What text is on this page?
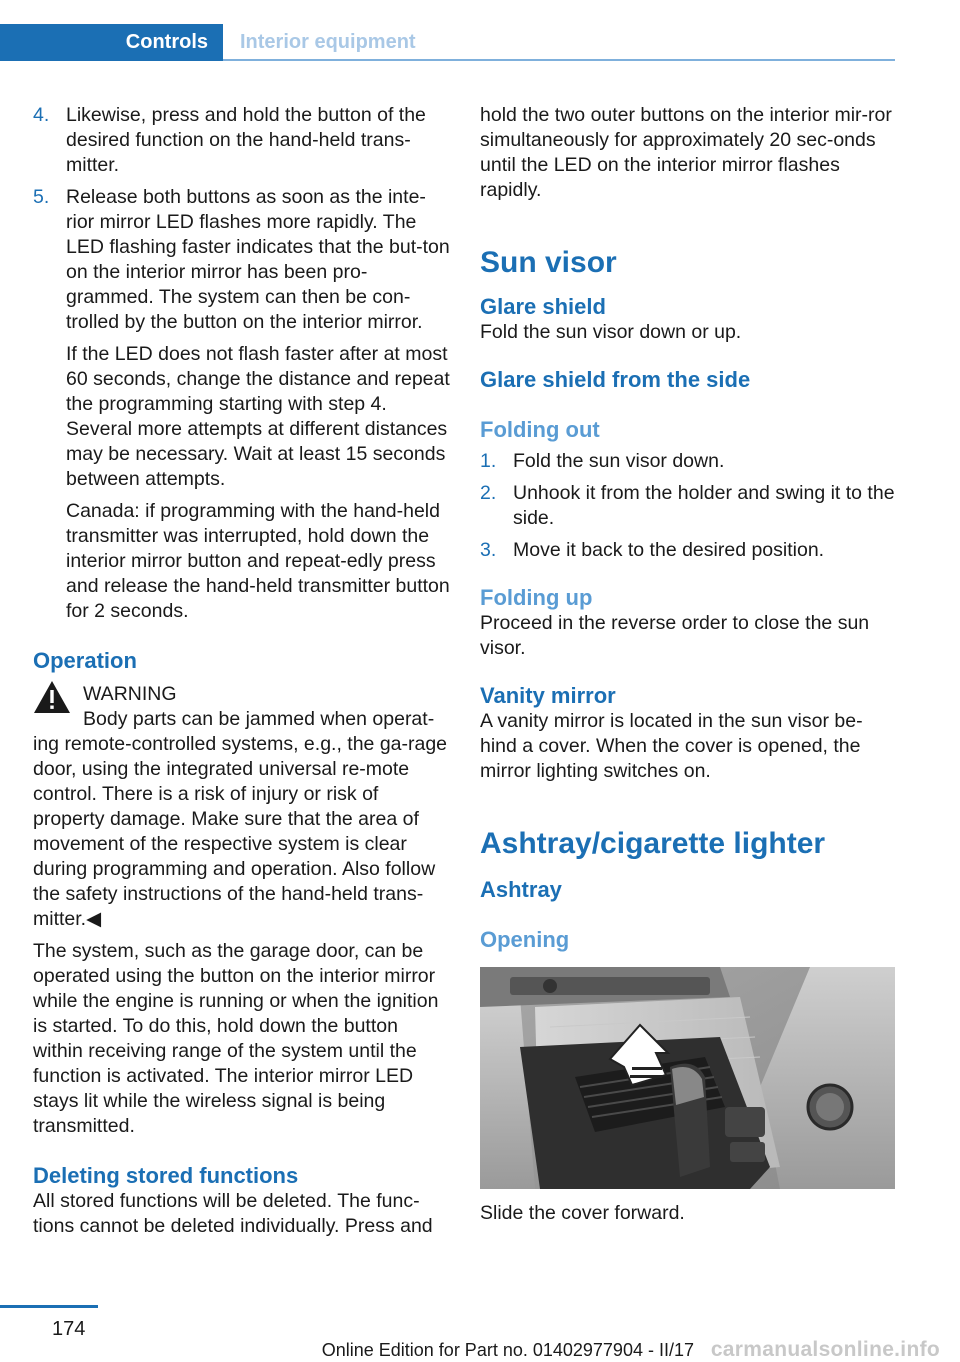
Controls Interior equipment
4. Likewise, press and hold the button of the desired function on the hand-held trans-mitter.
5. Release both buttons as soon as the inte-rior mirror LED flashes more rapidly. The LED flashing faster indicates that the but-ton on the interior mirror has been pro-grammed. The system can then be con-trolled by the button on the interior mirror.
If the LED does not flash faster after at most 60 seconds, change the distance and repeat the programming starting with step 4. Several more attempts at different distances may be necessary. Wait at least 15 seconds between attempts.
Canada: if programming with the hand-held transmitter was interrupted, hold down the interior mirror button and repeat-edly press and release the hand-held transmitter button for 2 seconds.
Operation
WARNING

Body parts can be jammed when operat-ing remote-controlled systems, e.g., the ga-rage door, using the integrated universal re-mote control. There is a risk of injury or risk of property damage. Make sure that the area of movement of the respective system is clear during programming and operation. Also follow the safety instructions of the hand-held trans-mitter.◀

The system, such as the garage door, can be operated using the button on the interior mirror while the engine is running or when the ignition is started. To do this, hold down the button within receiving range of the system until the function is activated. The interior mirror LED stays lit while the wireless signal is being transmitted.

Deleting stored functions

All stored functions will be deleted. The func-tions cannot be deleted individually. Press and

hold the two outer buttons on the interior mir-ror simultaneously for approximately 20 sec-onds until the LED on the interior mirror flashes rapidly.

Sun visor
Glare shield

Fold the sun visor down or up.

Glare shield from the side
Folding out
1. Fold the sun visor down.
2. Unhook it from the holder and swing it to the side.
3. Move it back to the desired position.
Folding up

Proceed in the reverse order to close the sun visor.

Vanity mirror

A vanity mirror is located in the sun visor be-hind a cover. When the cover is opened, the mirror lighting switches on.

Ashtray/cigarette lighter
Ashtray
Opening

Slide the cover forward.

174
Online Edition for Part no. 01402977904 - II/17 carmanualsonline.info
